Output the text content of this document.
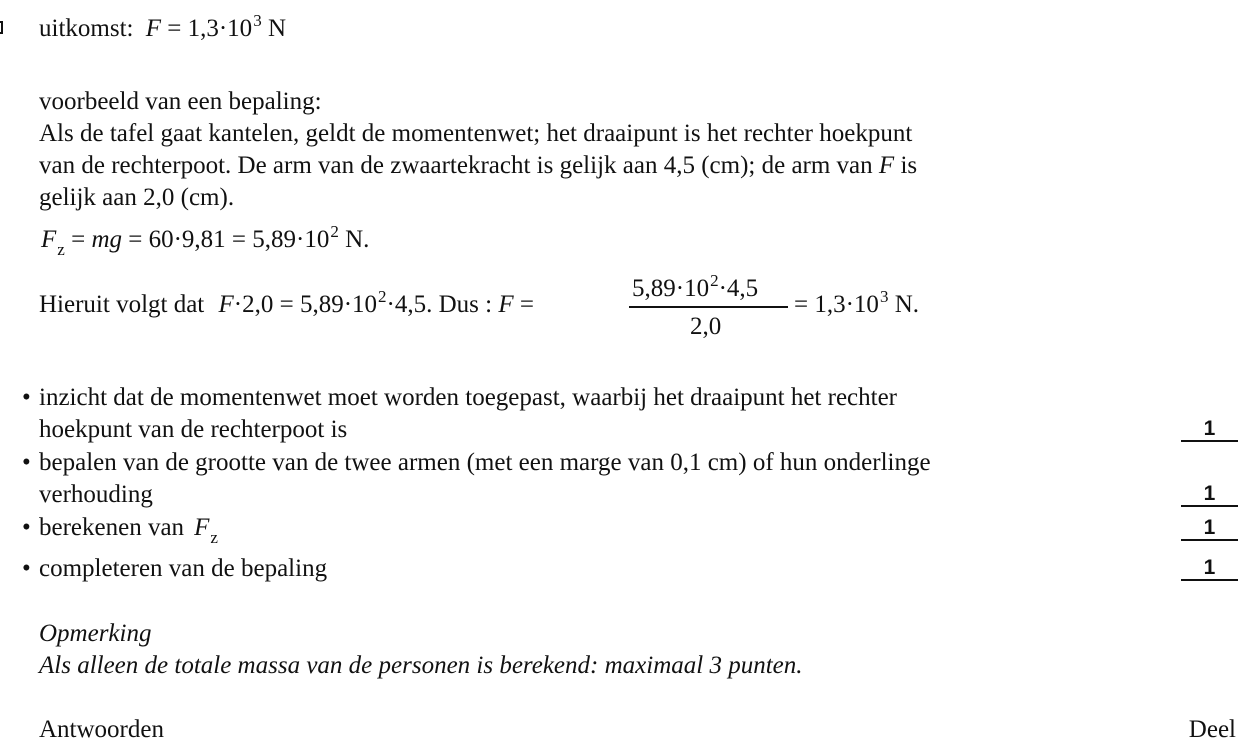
uitkomst: $F = 1,3\cdot 10^3$ N
voorbeeld van een bepaling:
Als de tafel gaat kantelen, geldt de momentenwet; het draaipunt is het rechter hoekpunt
van de rechterpoot. De arm van de zwaartekracht is gelijk aan 4,5 (cm); de arm van F is
gelijk aan 2,0 (cm).
$F_z$ = mg = $60\cdot 9,81 = 5,89\cdot 10^2$ N.
Hieruit volgt dat $F\cdot 2,0 = 5,89\cdot 10^2\cdot 4,5$. Dus : F =
$5,89\cdot 10^2\cdot 4,5$
2,0
= $1,3\cdot 10^3$ N.
• inzicht dat de momentenwet moet worden toegepast, waarbij het draaipunt het rechter
hoekpunt van de rechterpoot is	1
• bepalen van de grootte van de twee armen (met een marge van 0,1 cm) of hun onderlinge
verhouding	1
• berekenen van $F_z$	1
• completeren van de bepaling	1
Opmerking
Als alleen de totale massa van de personen is berekend: maximaal 3 punten.
Antwoorden	Deel
